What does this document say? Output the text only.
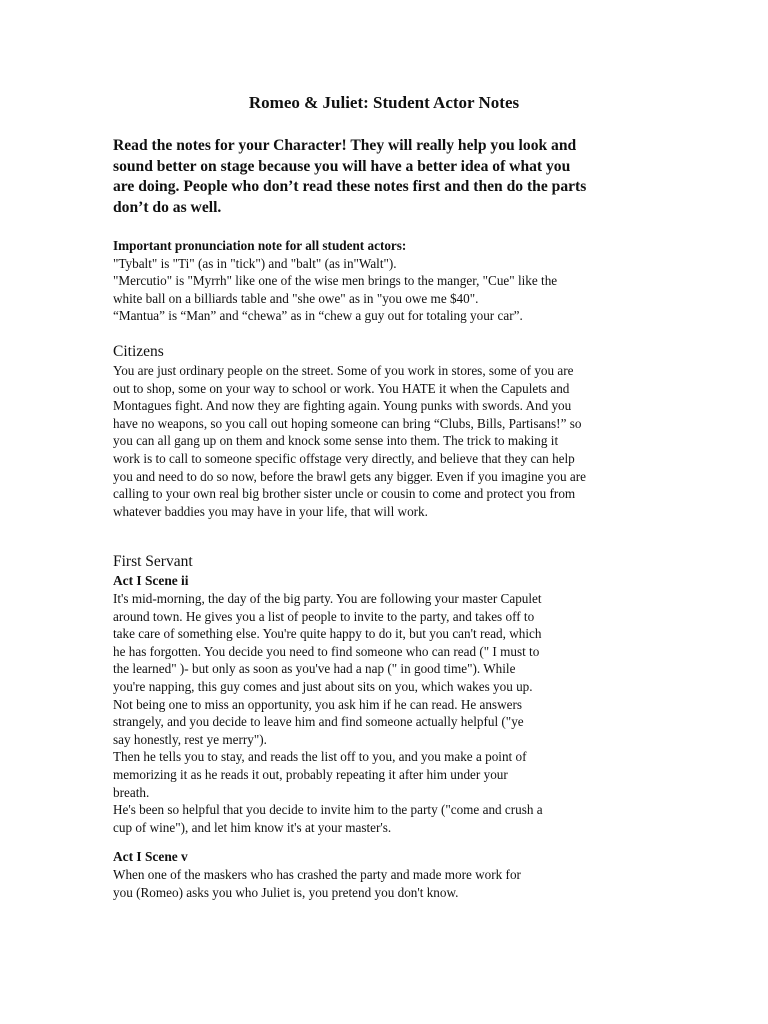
Romeo & Juliet: Student Actor Notes
Read the notes for your Character! They will really help you look and
sound better on stage because you will have a better idea of what you
are doing. People who don’t read these notes first and then do the parts
don’t do as well.
Important pronunciation note for all student actors:
"Tybalt" is "Ti" (as in "tick") and "balt" (as in"Walt").
"Mercutio" is "Myrrh" like one of the wise men brings to the manger, "Cue" like the
white ball on a billiards table and "she owe" as in "you owe me $40".
“Mantua” is “Man” and “chewa” as in “chew a guy out for totaling your car”.
Citizens
You are just ordinary people on the street. Some of you work in stores, some of you are
out to shop, some on your way to school or work. You HATE it when the Capulets and
Montagues fight. And now they are fighting again. Young punks with swords. And you
have no weapons, so you call out hoping someone can bring “Clubs, Bills, Partisans!” so
you can all gang up on them and knock some sense into them. The trick to making it
work is to call to someone specific offstage very directly, and believe that they can help
you and need to do so now, before the brawl gets any bigger. Even if you imagine you are
calling to your own real big brother sister uncle or cousin to come and protect you from
whatever baddies you may have in your life, that will work.
First Servant
Act I Scene ii
It's mid-morning, the day of the big party. You are following your master Capulet
around town. He gives you a list of people to invite to the party, and takes off to
take care of something else. You're quite happy to do it, but you can't read, which
he has forgotten. You decide you need to find someone who can read (" I must to
the learned" )- but only as soon as you've had a nap (" in good time"). While
you're napping, this guy comes and just about sits on you, which wakes you up.
Not being one to miss an opportunity, you ask him if he can read. He answers
strangely, and you decide to leave him and find someone actually helpful ("ye
say honestly, rest ye merry").
Then he tells you to stay, and reads the list off to you, and you make a point of
memorizing it as he reads it out, probably repeating it after him under your
breath.
He's been so helpful that you decide to invite him to the party ("come and crush a
cup of wine"), and let him know it's at your master's.
Act I Scene v
When one of the maskers who has crashed the party and made more work for
you (Romeo) asks you who Juliet is, you pretend you don't know.
